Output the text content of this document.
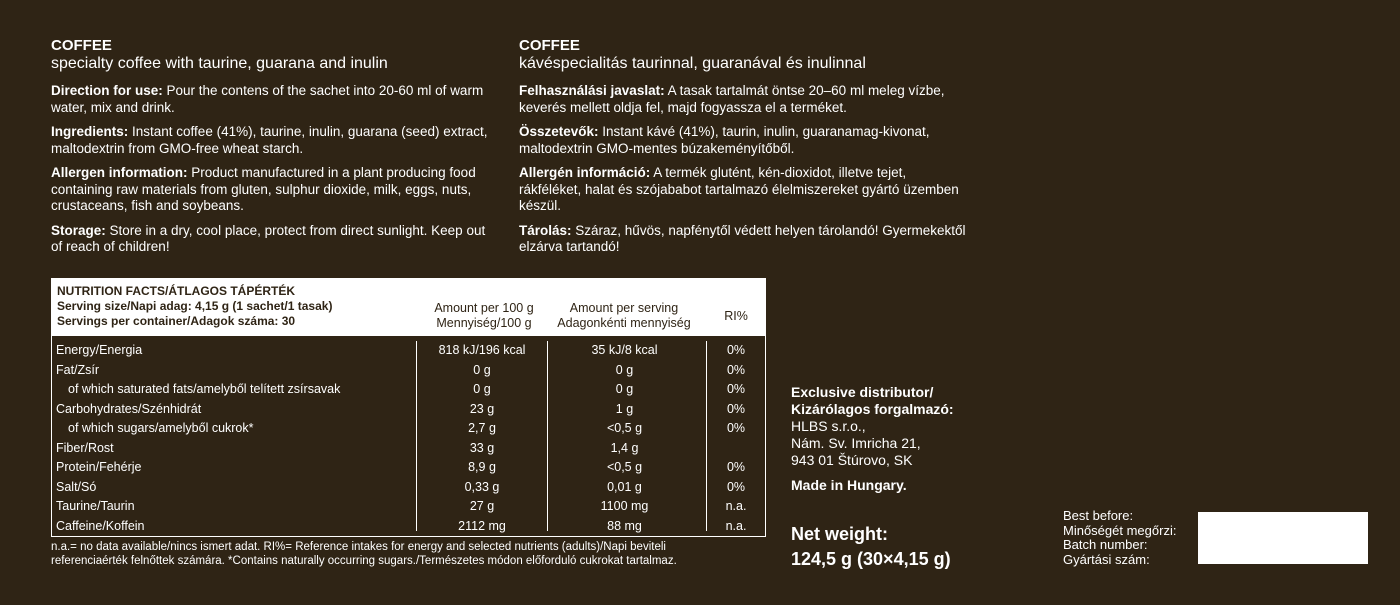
COFFEE

specialty coffee with taurine, guarana and inulin

Direction for use: Pour the contens of the sachet into 20-60 ml of warm water, mix and drink.

Ingredients: Instant coffee (41%), taurine, inulin, guarana (seed) extract, maltodextrin from GMO-free wheat starch.

Allergen information: Product manufactured in a plant producing food containing raw materials from gluten, sulphur dioxide, milk, eggs, nuts, crustaceans, fish and soybeans.

Storage: Store in a dry, cool place, protect from direct sunlight. Keep out of reach of children!

COFFEE

kávéspecialitás taurinnal, guaranával és inulinnal

Felhasználási javaslat: A tasak tartalmát öntse 20–60 ml meleg vízbe, keverés mellett oldja fel, majd fogyassza el a terméket.

Összetevők: Instant kávé (41%), taurin, inulin, guaranamag-kivonat, maltodextrin GMO-mentes búzakeményítőből.

Allergén információ: A termék glutént, kén-dioxidot, illetve tejet, rákféléket, halat és szójababot tartalmazó élelmiszereket gyártó üzemben készül.

Tárolás: Száraz, hűvös, napfénytől védett helyen tárolandó! Gyermekektől elzárva tartandó!

NUTRITION FACTS/ÁTLAGOS TÁPÉRTÉK
Serving size/Napi adag: 4,15 g (1 sachet/1 tasak)
Servings per container/Adagok száma: 30
Amount per 100 g
Mennyiség/100 g
Amount per serving
Adagonkénti mennyiség	RI%
Energy/Energia	818 kJ/196 kcal	35 kJ/8 kcal	0%
Fat/Zsír	0 g	0 g	0%
of which saturated fats/amelyből telített zsírsavak	0 g	0 g	0%
Carbohydrates/Szénhidrát	23 g	1 g	0%
of which sugars/amelyből cukrok*	2,7 g	<0,5 g	0%
Fiber/Rost	33 g	1,4 g
Protein/Fehérje	8,9 g	<0,5 g	0%
Salt/Só	0,33 g	0,01 g	0%
Taurine/Taurin	27 g	1100 mg	n.a.
Caffeine/Koffein	2112 mg	88 mg	n.a.
n.a.= no data available/nincs ismert adat. RI%= Reference intakes for energy and selected nutrients (adults)/Napi beviteli
referenciaérték felnőttek számára. *Contains naturally occurring sugars./Természetes módon előforduló cukrokat tartalmaz.
Exclusive distributor/
Kizárólagos forgalmazó:
HLBS s.r.o.,
Nám. Sv. Imricha 21,
943 01 Štúrovo, SK
Made in Hungary.
Net weight:
124,5 g (30×4,15 g)
Best before:
Minőségét megőrzi:
Batch number:
Gyártási szám:
